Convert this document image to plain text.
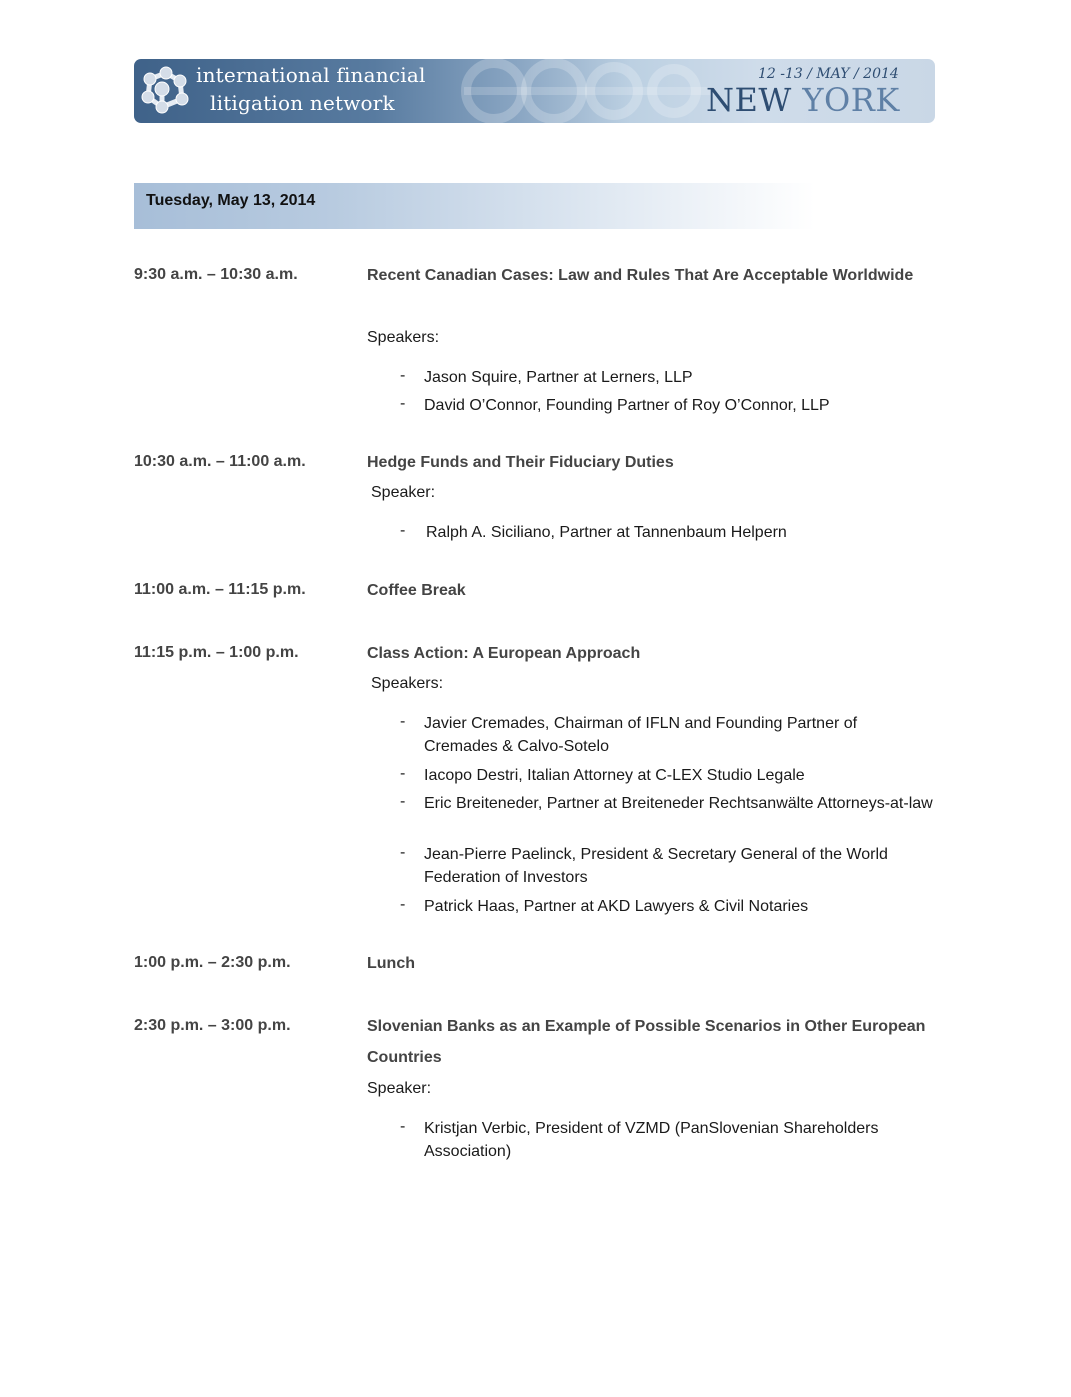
international financial
litigation network
12 -13 / MAY / 2014
NEW YORK
Tuesday, May 13, 2014
9:30 a.m. – 10:30 a.m.	Recent Canadian Cases: Law and Rules That Are Acceptable Worldwide
Speakers:
- Jason Squire, Partner at Lerners, LLP
- David O’Connor, Founding Partner of Roy O’Connor, LLP
10:30 a.m. – 11:00 a.m.	Hedge Funds and Their Fiduciary Duties
Speaker:
- Ralph A. Siciliano, Partner at Tannenbaum Helpern
11:00 a.m. – 11:15 p.m.	Coffee Break
11:15 p.m. – 1:00 p.m.	Class Action: A European Approach
Speakers:
- Javier Cremades, Chairman of IFLN and Founding Partner of Cremades & Calvo-Sotelo
- Iacopo Destri, Italian Attorney at C-LEX Studio Legale
- Eric Breiteneder, Partner at Breiteneder Rechtsanwälte Attorneys-at-law
- Jean-Pierre Paelinck, President & Secretary General of the World Federation of Investors
- Patrick Haas, Partner at AKD Lawyers & Civil Notaries
1:00 p.m. – 2:30 p.m.	Lunch
2:30 p.m. – 3:00 p.m.	Slovenian Banks as an Example of Possible Scenarios in Other European Countries
Speaker:
- Kristjan Verbic, President of VZMD (PanSlovenian Shareholders Association)
